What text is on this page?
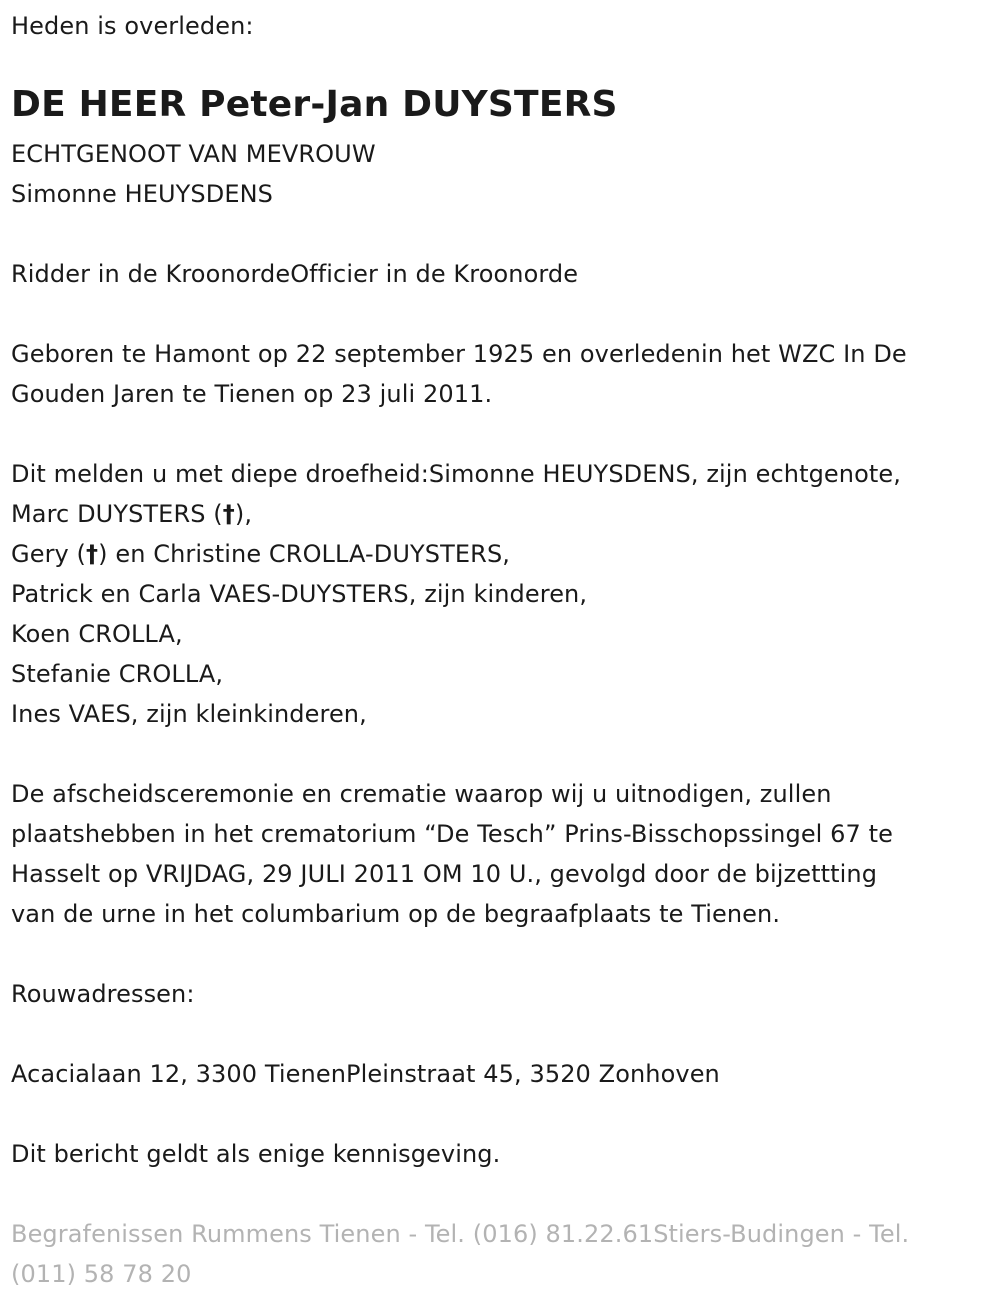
Heden is overleden:
DE HEER Peter-Jan DUYSTERS
ECHTGENOOT VAN MEVROUW
Simonne HEUYSDENS
Ridder in de KroonordeOfficier in de Kroonorde
Geboren te Hamont op 22 september 1925 en overledenin het WZC In De
Gouden Jaren te Tienen op 23 juli 2011.
Dit melden u met diepe droefheid:Simonne HEUYSDENS, zijn echtgenote,
Marc DUYSTERS (†),
Gery (†) en Christine CROLLA-DUYSTERS,
Patrick en Carla VAES-DUYSTERS, zijn kinderen,
Koen CROLLA,
Stefanie CROLLA,
Ines VAES, zijn kleinkinderen,
De afscheidsceremonie en crematie waarop wij u uitnodigen, zullen
plaatshebben in het crematorium “De Tesch” Prins-Bisschopssingel 67 te
Hasselt op VRIJDAG, 29 JULI 2011 OM 10 U., gevolgd door de bijzettting
van de urne in het columbarium op de begraafplaats te Tienen.
Rouwadressen:
Acacialaan 12, 3300 TienenPleinstraat 45, 3520 Zonhoven
Dit bericht geldt als enige kennisgeving.
Begrafenissen Rummens Tienen - Tel. (016) 81.22.61Stiers-Budingen - Tel.
(011) 58 78 20
